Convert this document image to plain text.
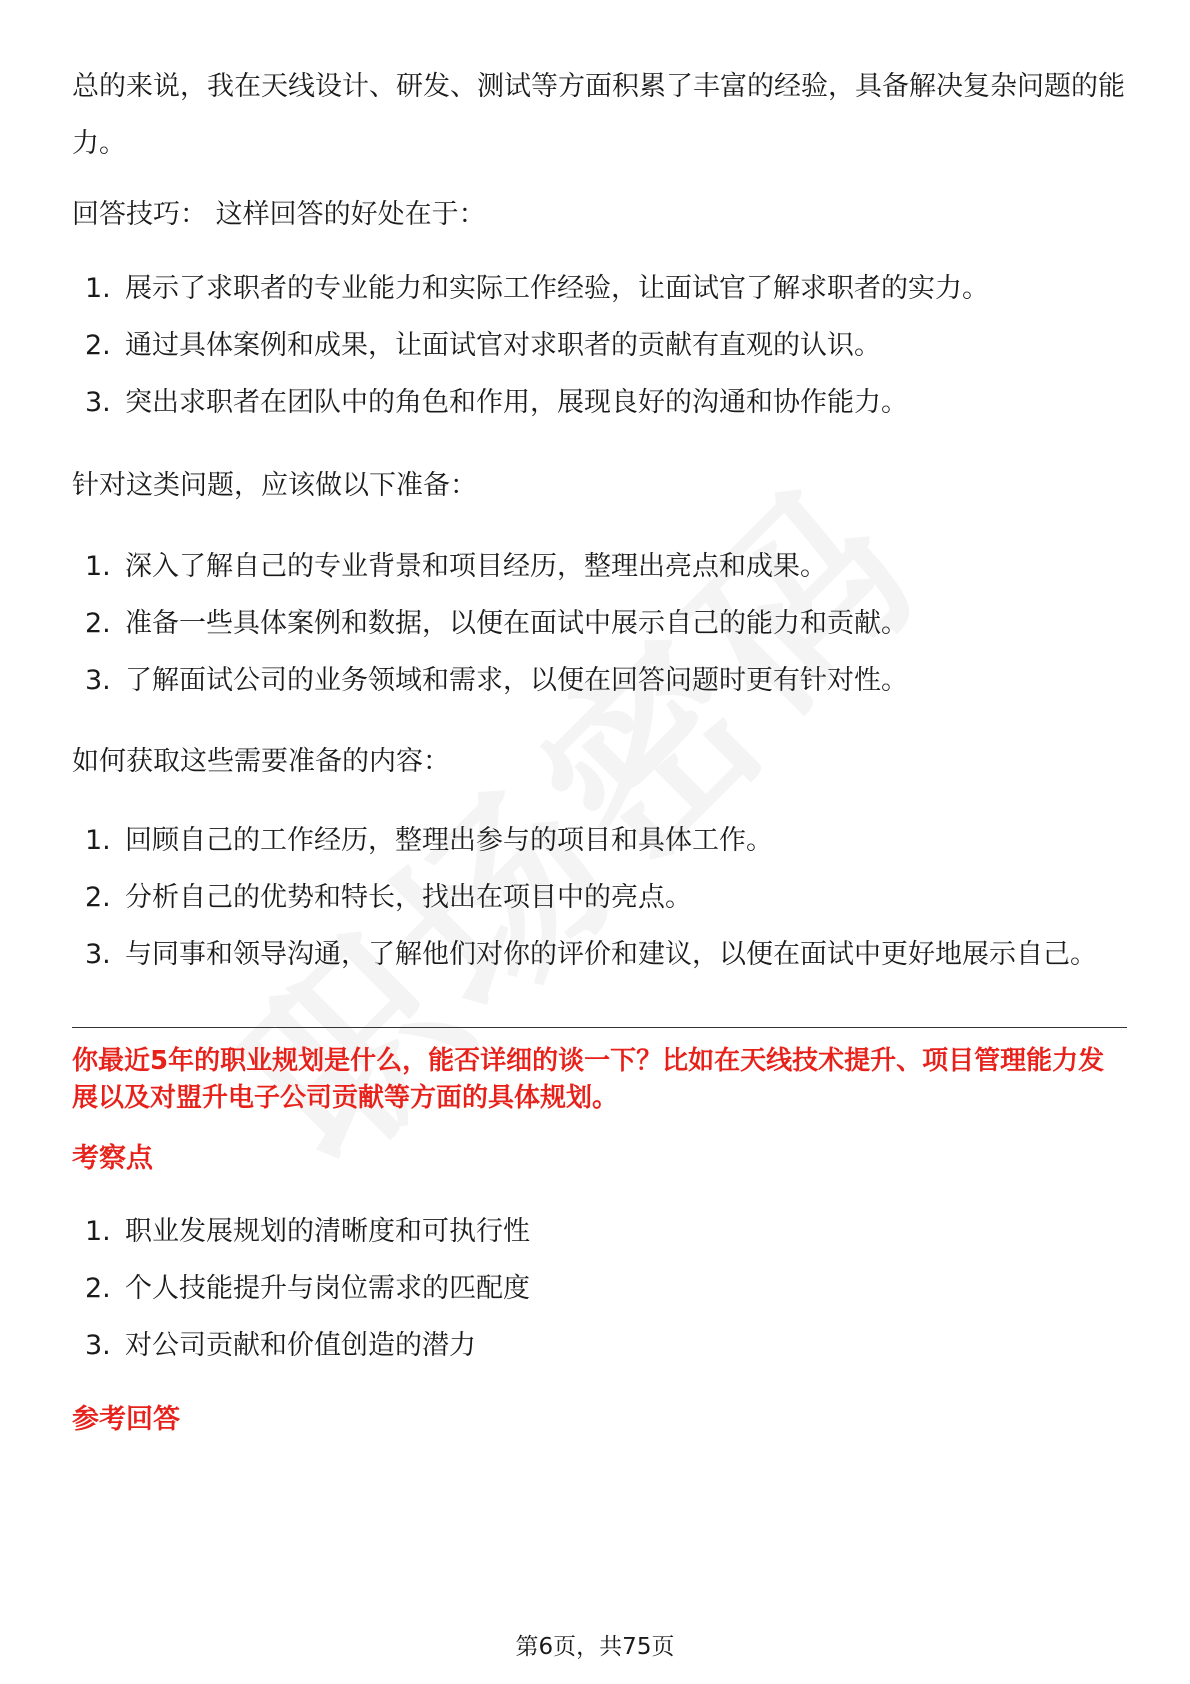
总的来说，我在天线设计、研发、测试等方面积累了丰富的经验，具备解决复杂问题的能力。

回答技巧： 这样回答的好处在于：

1. 展示了求职者的专业能力和实际工作经验，让面试官了解求职者的实力。
2. 通过具体案例和成果，让面试官对求职者的贡献有直观的认识。
3. 突出求职者在团队中的角色和作用，展现良好的沟通和协作能力。

针对这类问题，应该做以下准备：

1. 深入了解自己的专业背景和项目经历，整理出亮点和成果。
2. 准备一些具体案例和数据，以便在面试中展示自己的能力和贡献。
3. 了解面试公司的业务领域和需求，以便在回答问题时更有针对性。

如何获取这些需要准备的内容：

1. 回顾自己的工作经历，整理出参与的项目和具体工作。
2. 分析自己的优势和特长，找出在项目中的亮点。
3. 与同事和领导沟通，了解他们对你的评价和建议，以便在面试中更好地展示自己。

你最近5年的职业规划是什么，能否详细的谈一下？比如在天线技术提升、项目管理能力发展以及对盟升电子公司贡献等方面的具体规划。

考察点

1. 职业发展规划的清晰度和可执行性
2. 个人技能提升与岗位需求的匹配度
3. 对公司贡献和价值创造的潜力

参考回答

第6页，共75页
